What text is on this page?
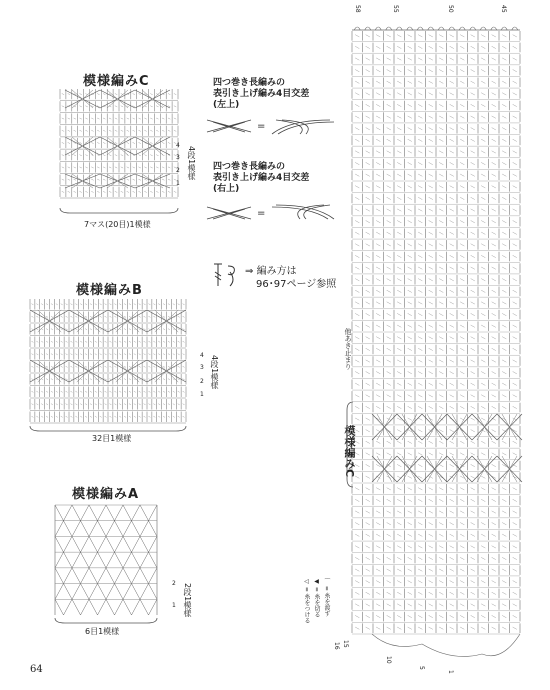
模様編みC
4
3
2
1
4段1模様
7マス(20目)1模様
四つ巻き長編みの
表引き上げ編み4目交差
(左上)
=
四つ巻き長編みの
表引き上げ編み4目交差
(右上)
=
⇒ 編み方は
96･97ページ参照
模様編みB
4
3
2
1
4段1模様
32目1模様
模様編みA
2
1 2段1模様
6目1模様
58	55	50	45
他あき止まり
模様編みC
◁ = 糸をつける ◀ = 糸を切る ⌒ = 糸を渡す
16 15
10
5
1
64
